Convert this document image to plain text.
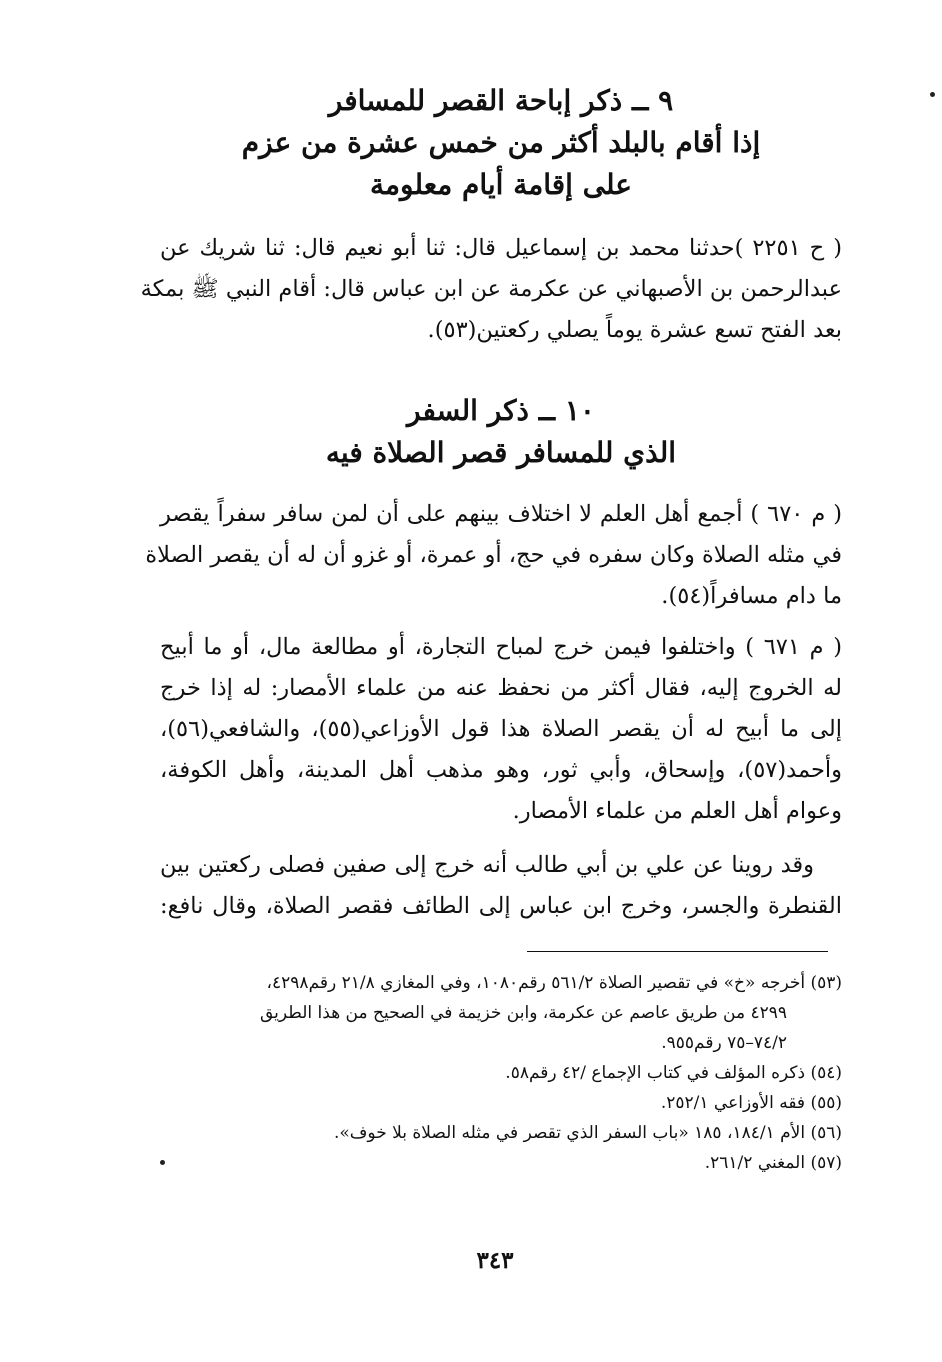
٩ ــ ذكر إباحة القصر للمسافر
إذا أقام بالبلد أكثر من خمس عشرة من عزم
على إقامة أيام معلومة
( ح ٢٢٥١ )حدثنا محمد بن إسماعيل قال: ثنا أبو نعيم قال: ثنا شريك عن
عبدالرحمن بن الأصبهاني عن عكرمة عن ابن عباس قال: أقام النبي ﷺ بمكة
بعد الفتح تسع عشرة يوماً يصلي ركعتين(٥٣).
١٠ ــ ذكر السفر
الذي للمسافر قصر الصلاة فيه
( م ٦٧٠ ) أجمع أهل العلم لا اختلاف بينهم على أن لمن سافر سفراً يقصر
في مثله الصلاة وكان سفره في حج، أو عمرة، أو غزو أن له أن يقصر الصلاة
ما دام مسافراً(٥٤).
( م ٦٧١ ) واختلفوا فيمن خرج لمباح التجارة، أو مطالعة مال، أو ما أبيح
له الخروج إليه، فقال أكثر من نحفظ عنه من علماء الأمصار: له إذا خرج
إلى ما أبيح له أن يقصر الصلاة هذا قول الأوزاعي(٥٥)، والشافعي(٥٦)،
وأحمد(٥٧)، وإسحاق، وأبي ثور، وهو مذهب أهل المدينة، وأهل الكوفة،
وعوام أهل العلم من علماء الأمصار.
وقد روينا عن علي بن أبي طالب أنه خرج إلى صفين فصلى ركعتين بين
القنطرة والجسر، وخرج ابن عباس إلى الطائف فقصر الصلاة، وقال نافع:
(٥٣) أخرجه «خ» في تقصير الصلاة ٥٦١/٢ رقم١٠٨٠، وفي المغازي ٢١/٨ رقم٤٢٩٨،
٤٢٩٩ من طريق عاصم عن عكرمة، وابن خزيمة في الصحيح من هذا الطريق
٧٤/٢–٧٥ رقم٩٥٥.
(٥٤) ذكره المؤلف في كتاب الإجماع /٤٢ رقم٥٨.
(٥٥) فقه الأوزاعي ٢٥٢/١.
(٥٦) الأم ١٨٤/١، ١٨٥ «باب السفر الذي تقصر في مثله الصلاة بلا خوف».
(٥٧) المغني ٢٦١/٢.
٣٤٣
